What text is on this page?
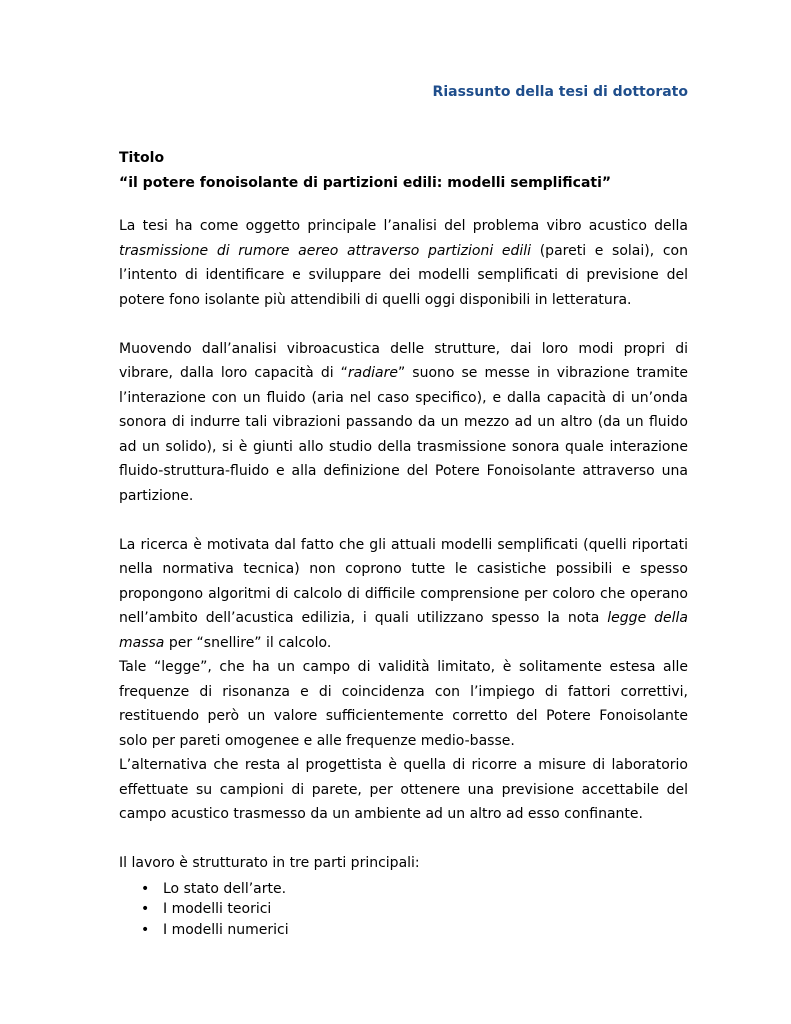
Riassunto della tesi di dottorato
Titolo
“il potere fonoisolante di partizioni edili: modelli semplificati”

La tesi ha come oggetto principale l’analisi del problema vibro acustico della trasmissione di rumore aereo attraverso partizioni edili (pareti e solai), con l’intento di identificare e sviluppare dei modelli semplificati di previsione del potere fono isolante più attendibili di quelli oggi disponibili in letteratura.

Muovendo dall’analisi vibroacustica delle strutture, dai loro modi propri di vibrare, dalla loro capacità di “radiare” suono se messe in vibrazione tramite l’interazione con un fluido (aria nel caso specifico), e dalla capacità di un’onda sonora di indurre tali vibrazioni passando da un mezzo ad un altro (da un fluido ad un solido), si è giunti allo studio della trasmissione sonora quale interazione fluido-struttura-fluido e alla definizione del Potere Fonoisolante attraverso una partizione.

La ricerca è motivata dal fatto che gli attuali modelli semplificati (quelli riportati nella normativa tecnica) non coprono tutte le casistiche possibili e spesso propongono algoritmi di calcolo di difficile comprensione per coloro che operano nell’ambito dell’acustica edilizia, i quali utilizzano spesso la nota legge della massa per “snellire” il calcolo.

Tale “legge”, che ha un campo di validità limitato, è solitamente estesa alle frequenze di risonanza e di coincidenza con l’impiego di fattori correttivi, restituendo però un valore sufficientemente corretto del Potere Fonoisolante solo per pareti omogenee e alle frequenze medio-basse.

L’alternativa che resta al progettista è quella di ricorre a misure di laboratorio effettuate su campioni di parete, per ottenere una previsione accettabile del campo acustico trasmesso da un ambiente ad un altro ad esso confinante.

Il lavoro è strutturato in tre parti principali:
• Lo stato dell’arte.
• I modelli teorici
• I modelli numerici
